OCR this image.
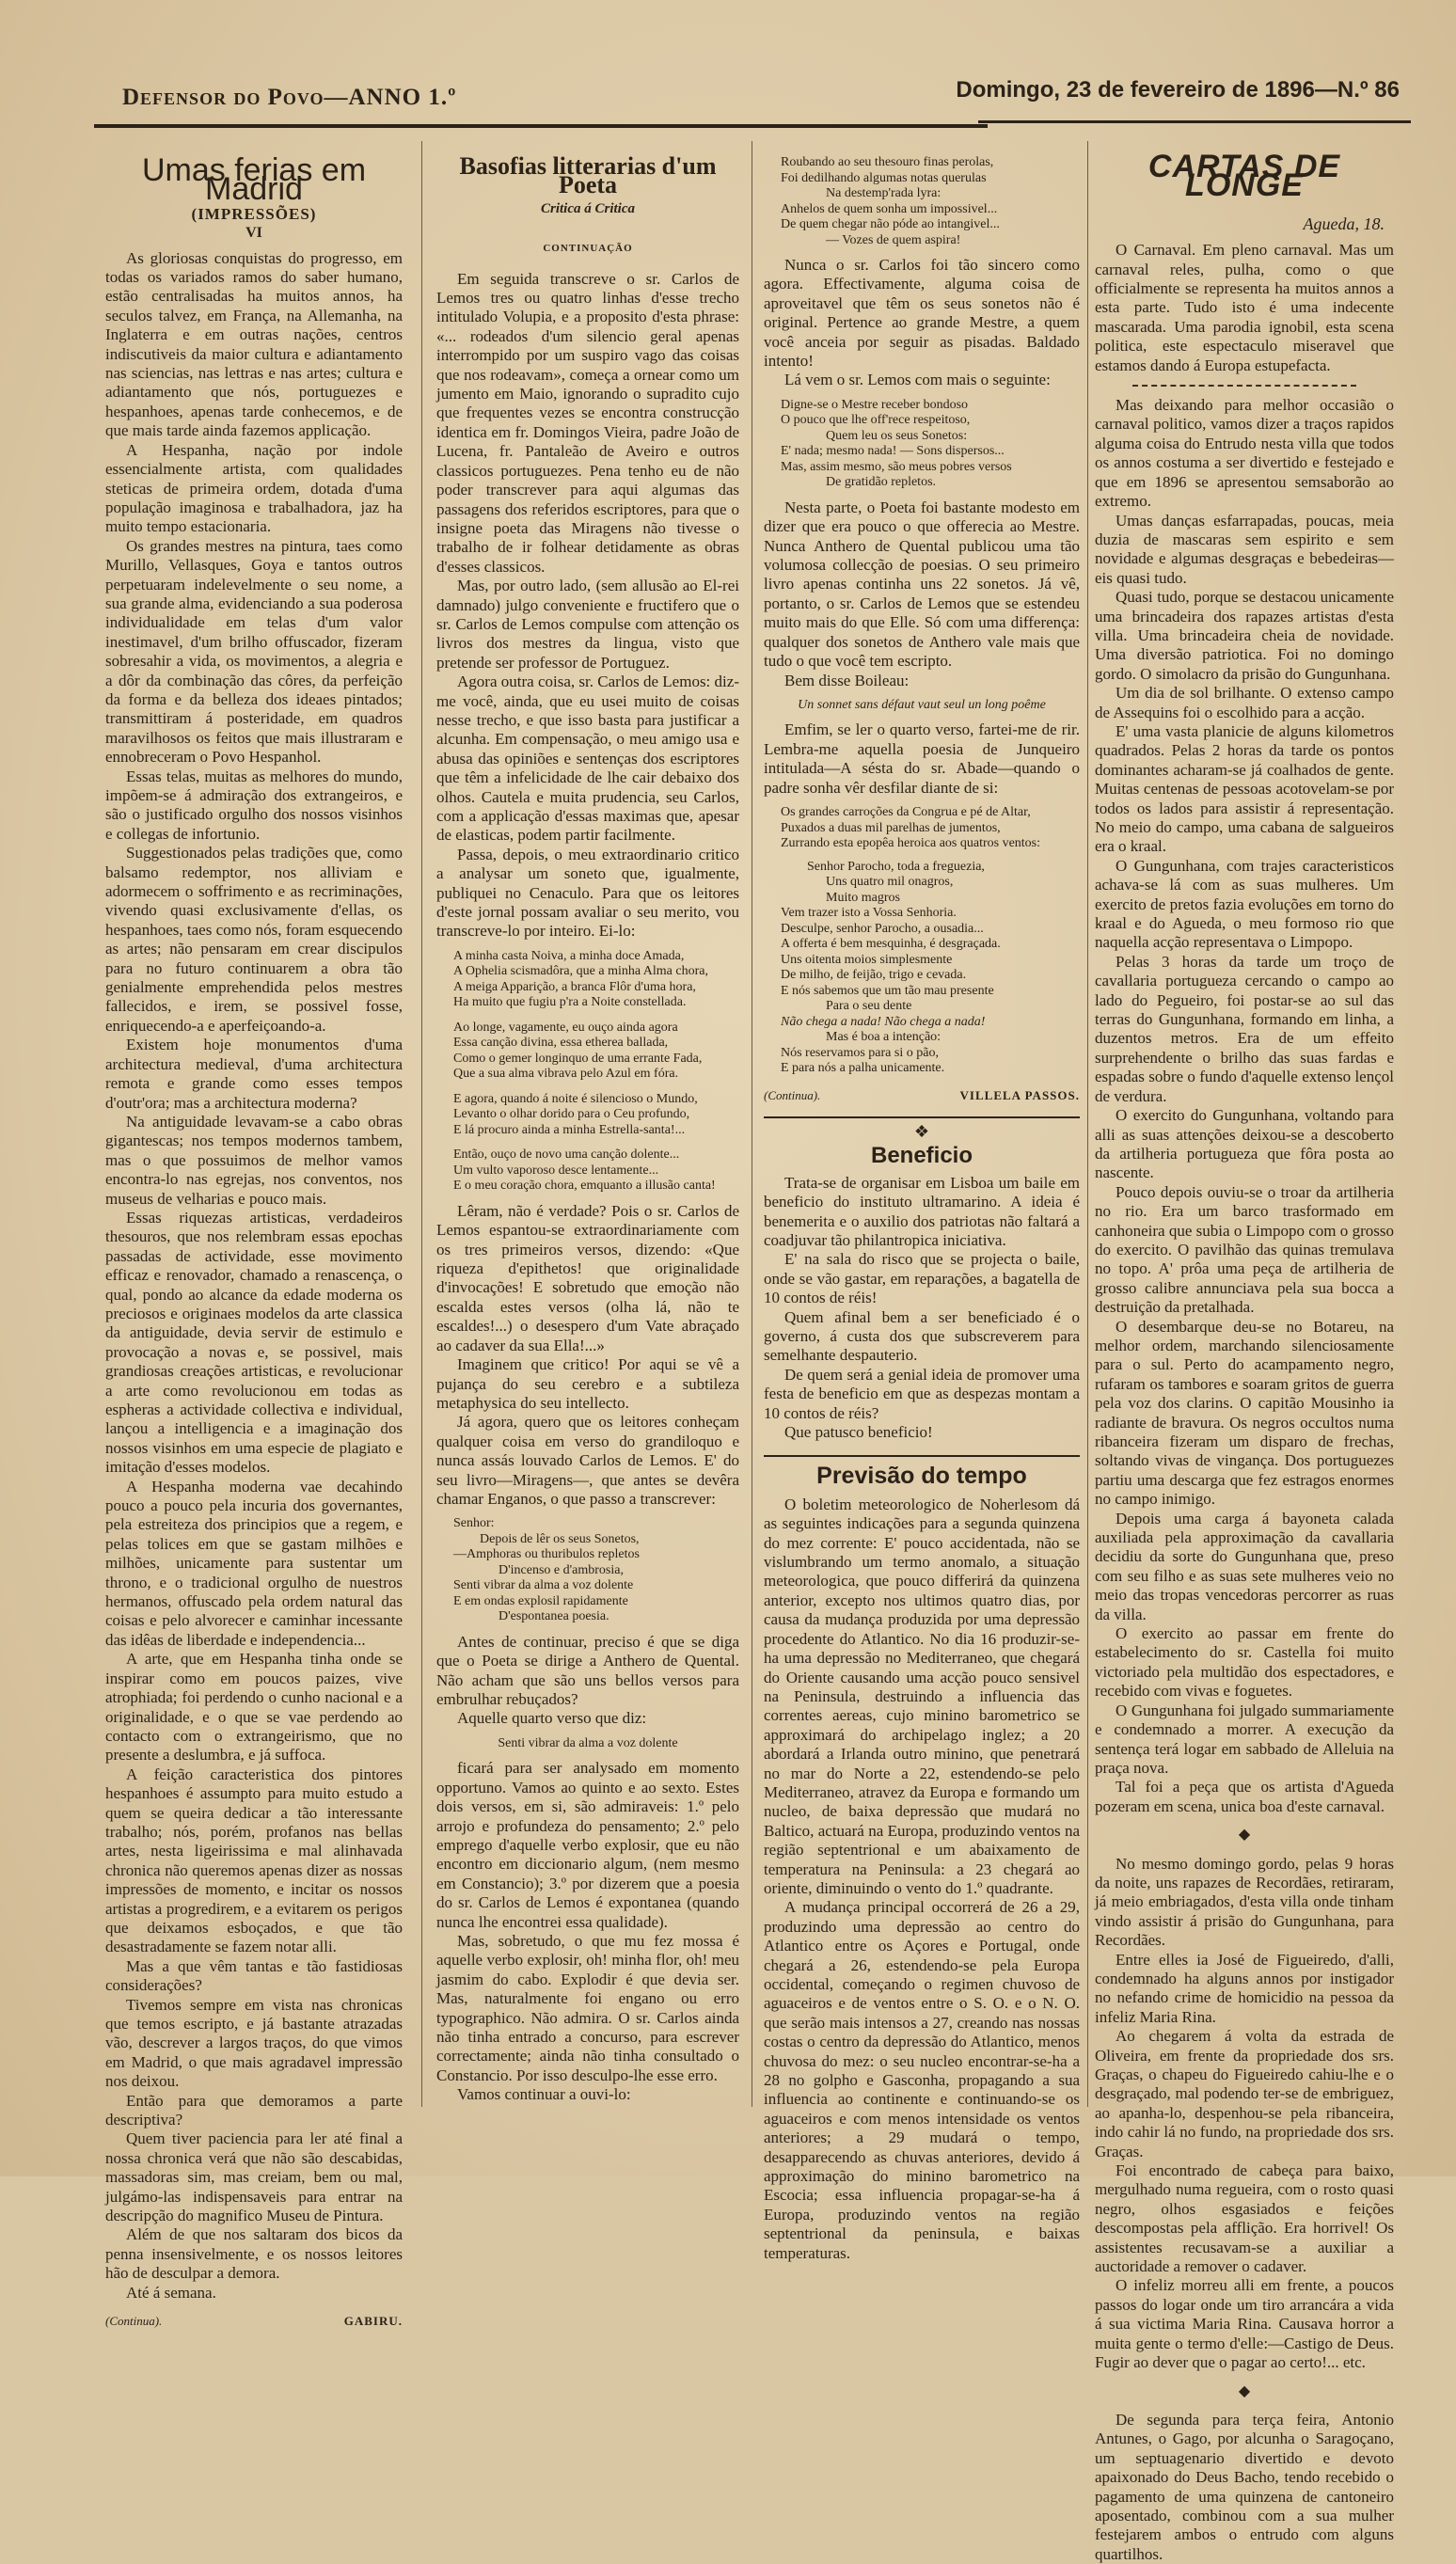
Defensor do Povo—ANNO 1.º	Domingo, 23 de fevereiro de 1896—N.º 86
Umas ferias em Madrid
(IMPRESSÕES)
VI

As gloriosas conquistas do progresso, em todas os variados ramos do saber humano, estão centralisadas ha muitos annos, ha seculos talvez, em França, na Allemanha, na Inglaterra e em outras nações, centros indiscutiveis da maior cultura e adiantamento nas sciencias, nas lettras e nas artes; cultura e adiantamento que nós, portuguezes e hespanhoes, apenas tarde conhecemos, e de que mais tarde ainda fazemos applicação.

A Hespanha, nação por indole essencialmente artista, com qualidades steticas de primeira ordem, dotada d'uma população imaginosa e trabalhadora, jaz ha muito tempo estacionaria.

Os grandes mestres na pintura, taes como Murillo, Vellasques, Goya e tantos outros perpetuaram indelevelmente o seu nome, a sua grande alma, evidenciando a sua poderosa individualidade em telas d'um valor inestimavel, d'um brilho offuscador, fizeram sobresahir a vida, os movimentos, a alegria e a dôr da combinação das côres, da perfeição da forma e da belleza dos ideaes pintados; transmittiram á posteridade, em quadros maravilhosos os feitos que mais illustraram e ennobreceram o Povo Hespanhol.

Essas telas, muitas as melhores do mundo, impõem-se á admiração dos extrangeiros, e são o justificado orgulho dos nossos visinhos e collegas de infortunio.

Suggestionados pelas tradições que, como balsamo redemptor, nos alliviam e adormecem o soffrimento e as recriminações, vivendo quasi exclusivamente d'ellas, os hespanhoes, taes como nós, foram esquecendo as artes; não pensaram em crear discipulos para no futuro continuarem a obra tão genialmente emprehendida pelos mestres fallecidos, e irem, se possivel fosse, enriquecendo-a e aperfeiçoando-a.

Existem hoje monumentos d'uma architectura medieval, d'uma architectura remota e grande como esses tempos d'outr'ora; mas a architectura moderna?

Na antiguidade levavam-se a cabo obras gigantescas; nos tempos modernos tambem, mas o que possuimos de melhor vamos encontra-lo nas egrejas, nos conventos, nos museus de velharias e pouco mais.

Essas riquezas artisticas, verdadeiros thesouros, que nos relembram essas epochas passadas de actividade, esse movimento efficaz e renovador, chamado a renascença, o qual, pondo ao alcance da edade moderna os preciosos e originaes modelos da arte classica da antiguidade, devia servir de estimulo e provocação a novas e, se possivel, mais grandiosas creações artisticas, e revolucionar a arte como revolucionou em todas as espheras a actividade collectiva e individual, lançou a intelligencia e a imaginação dos nossos visinhos em uma especie de plagiato e imitação d'esses modelos.

A Hespanha moderna vae decahindo pouco a pouco pela incuria dos governantes, pela estreiteza dos principios que a regem, e pelas tolices em que se gastam milhões e milhões, unicamente para sustentar um throno, e o tradicional orgulho de nuestros hermanos, offuscado pela ordem natural das coisas e pelo alvorecer e caminhar incessante das idêas de liberdade e independencia...

A arte, que em Hespanha tinha onde se inspirar como em poucos paizes, vive atrophiada; foi perdendo o cunho nacional e a originalidade, e o que se vae perdendo ao contacto com o extrangeirismo, que no presente a deslumbra, e já suffoca.

A feição caracteristica dos pintores hespanhoes é assumpto para muito estudo a quem se queira dedicar a tão interessante trabalho; nós, porém, profanos nas bellas artes, nesta ligeirissima e mal alinhavada chronica não queremos apenas dizer as nossas impressões de momento, e incitar os nossos artistas a progredirem, e a evitarem os perigos que deixamos esboçados, e que tão desastradamente se fazem notar alli.

Mas a que vêm tantas e tão fastidiosas considerações?

Tivemos sempre em vista nas chronicas que temos escripto, e já bastante atrazadas vão, descrever a largos traços, do que vimos em Madrid, o que mais agradavel impressão nos deixou.

Então para que demoramos a parte descriptiva?

Quem tiver paciencia para ler até final a nossa chronica verá que não são descabidas, massadoras sim, mas creiam, bem ou mal, julgámo-las indispensaveis para entrar na descripção do magnifico Museu de Pintura.

Além de que nos saltaram dos bicos da penna insensivelmente, e os nossos leitores hão de desculpar a demora.

Até á semana.

(Continua).	GABIRU.
Basofias litterarias d'um Poeta
Critica á Critica
CONTINUAÇÃO

Em seguida transcreve o sr. Carlos de Lemos tres ou quatro linhas d'esse trecho intitulado Volupia, e a proposito d'esta phrase: «... rodeados d'um silencio geral apenas interrompido por um suspiro vago das coisas que nos rodeavam», começa a ornear como um jumento em Maio, ignorando o supradito cujo que frequentes vezes se encontra construcção identica em fr. Domingos Vieira, padre João de Lucena, fr. Pantaleão de Aveiro e outros classicos portuguezes. Pena tenho eu de não poder transcrever para aqui algumas das passagens dos referidos escriptores, para que o insigne poeta das Miragens não tivesse o trabalho de ir folhear detidamente as obras d'esses classicos.

Mas, por outro lado, (sem allusão ao El-rei damnado) julgo conveniente e fructifero que o sr. Carlos de Lemos compulse com attenção os livros dos mestres da lingua, visto que pretende ser professor de Portuguez.

Agora outra coisa, sr. Carlos de Lemos: diz-me você, ainda, que eu usei muito de coisas nesse trecho, e que isso basta para justificar a alcunha. Em compensação, o meu amigo usa e abusa das opiniões e sentenças dos escriptores que têm a infelicidade de lhe cair debaixo dos olhos. Cautela e muita prudencia, seu Carlos, com a applicação d'essas maximas que, apesar de elasticas, podem partir facilmente.

Passa, depois, o meu extraordinario critico a analysar um soneto que, igualmente, publiquei no Cenaculo. Para que os leitores d'este jornal possam avaliar o seu merito, vou transcreve-lo por inteiro. Ei-lo:

A minha casta Noiva, a minha doce Amada,
A Ophelia scismadôra, que a minha Alma chora,
A meiga Apparição, a branca Flôr d'uma hora,
Ha muito que fugiu p'ra a Noite constellada.
Ao longe, vagamente, eu ouço ainda agora
Essa canção divina, essa etherea ballada,
Como o gemer longinquo de uma errante Fada,
Que a sua alma vibrava pelo Azul em fóra.
E agora, quando á noite é silencioso o Mundo,
Levanto o olhar dorido para o Ceu profundo,
E lá procuro ainda a minha Estrella-santa!...
Então, ouço de novo uma canção dolente...
Um vulto vaporoso desce lentamente...
E o meu coração chora, emquanto a illusão canta!

Lêram, não é verdade? Pois o sr. Carlos de Lemos espantou-se extraordinariamente com os tres primeiros versos, dizendo: «Que riqueza d'epithetos! que originalidade d'invocações! E sobretudo que emoção não escalda estes versos (olha lá, não te escaldes!...) o desespero d'um Vate abraçado ao cadaver da sua Ella!...»

Imaginem que critico! Por aqui se vê a pujança do seu cerebro e a subtileza metaphysica do seu intellecto.

Já agora, quero que os leitores conheçam qualquer coisa em verso do grandiloquo e nunca assás louvado Carlos de Lemos. E' do seu livro—Miragens—, que antes se devêra chamar Enganos, o que passo a transcrever:

Senhor:
Depois de lêr os seus Sonetos,
—Amphoras ou thuribulos repletos
D'incenso e d'ambrosia,
Senti vibrar da alma a voz dolente
E em ondas explosil rapidamente
D'espontanea poesia.

Antes de continuar, preciso é que se diga que o Poeta se dirige a Anthero de Quental. Não acham que são uns bellos versos para embrulhar rebuçados?

Aquelle quarto verso que diz:

Senti vibrar da alma a voz dolente

ficará para ser analysado em momento opportuno. Vamos ao quinto e ao sexto. Estes dois versos, em si, são admiraveis: 1.º pelo arrojo e profundeza do pensamento; 2.º pelo emprego d'aquelle verbo explosir, que eu não encontro em diccionario algum, (nem mesmo em Constancio); 3.º por dizerem que a poesia do sr. Carlos de Lemos é expontanea (quando nunca lhe encontrei essa qualidade).

Mas, sobretudo, o que mu fez mossa é aquelle verbo explosir, oh! minha flor, oh! meu jasmim do cabo. Explodir é que devia ser. Mas, naturalmente foi engano ou erro typographico. Não admira. O sr. Carlos ainda não tinha entrado a concurso, para escrever correctamente; ainda não tinha consultado o Constancio. Por isso desculpo-lhe esse erro.

Vamos continuar a ouvi-lo:

Roubando ao seu thesouro finas perolas,
Foi dedilhando algumas notas querulas
Na destemp'rada lyra:
Anhelos de quem sonha um impossivel...
De quem chegar não póde ao intangivel...
— Vozes de quem aspira!

Nunca o sr. Carlos foi tão sincero como agora. Effectivamente, alguma coisa de aproveitavel que têm os seus sonetos não é original. Pertence ao grande Mestre, a quem você anceia por seguir as pisadas. Baldado intento!

Lá vem o sr. Lemos com mais o seguinte:

Digne-se o Mestre receber bondoso
O pouco que lhe off'rece respeitoso,
Quem leu os seus Sonetos:
E' nada; mesmo nada! — Sons dispersos...
Mas, assim mesmo, são meus pobres versos
De gratidão repletos.

Nesta parte, o Poeta foi bastante modesto em dizer que era pouco o que offerecia ao Mestre. Nunca Anthero de Quental publicou uma tão volumosa collecção de poesias. O seu primeiro livro apenas continha uns 22 sonetos. Já vê, portanto, o sr. Carlos de Lemos que se estendeu muito mais do que Elle. Só com uma differença: qualquer dos sonetos de Anthero vale mais que tudo o que você tem escripto.

Bem disse Boileau:

Un sonnet sans défaut vaut seul un long poême

Emfim, se ler o quarto verso, fartei-me de rir. Lembra-me aquella poesia de Junqueiro intitulada—A sésta do sr. Abade—quando o padre sonha vêr desfilar diante de si:

Os grandes carroções da Congrua e pé de Altar,
Puxados a duas mil parelhas de jumentos,
Zurrando esta epopêa heroica aos quatros ventos:
Senhor Parocho, toda a freguezia,
Uns quatro mil onagros,
Muito magros
Vem trazer isto a Vossa Senhoria.
Desculpe, senhor Parocho, a ousadia...
A offerta é bem mesquinha, é desgraçada.
Uns oitenta moios simplesmente
De milho, de feijão, trigo e cevada.
E nós sabemos que um tão mau presente
Para o seu dente
Não chega a nada! Não chega a nada!
Mas é boa a intenção:
Nós reservamos para si o pão,
E para nós a palha unicamente.
(Continua).	VILLELA PASSOS.
❖
Beneficio

Trata-se de organisar em Lisboa um baile em beneficio do instituto ultramarino. A ideia é benemerita e o auxilio dos patriotas não faltará a coadjuvar tão philantropica iniciativa.

E' na sala do risco que se projecta o baile, onde se vão gastar, em reparações, a bagatella de 10 contos de réis!

Quem afinal bem a ser beneficiado é o governo, á custa dos que subscreverem para semelhante despauterio.

De quem será a genial ideia de promover uma festa de beneficio em que as despezas montam a 10 contos de réis?

Que patusco beneficio!

Previsão do tempo

O boletim meteorologico de Noherlesom dá as seguintes indicações para a segunda quinzena do mez corrente: E' pouco accidentada, não se vislumbrando um termo anomalo, a situação meteorologica, que pouco differirá da quinzena anterior, excepto nos ultimos quatro dias, por causa da mudança produzida por uma depressão procedente do Atlantico. No dia 16 produzir-se-ha uma depressão no Mediterraneo, que chegará do Oriente causando uma acção pouco sensivel na Peninsula, destruindo a influencia das correntes aereas, cujo minino barometrico se approximará do archipelago inglez; a 20 abordará a Irlanda outro minino, que penetrará no mar do Norte a 22, estendendo-se pelo Mediterraneo, atravez da Europa e formando um nucleo, de baixa depressão que mudará no Baltico, actuará na Europa, produzindo ventos na região septentrional e um abaixamento de temperatura na Peninsula: a 23 chegará ao oriente, diminuindo o vento do 1.º quadrante.

A mudança principal occorrerá de 26 a 29, produzindo uma depressão ao centro do Atlantico entre os Açores e Portugal, onde chegará a 26, estendendo-se pela Europa occidental, começando o regimen chuvoso de aguaceiros e de ventos entre o S. O. e o N. O. que serão mais intensos a 27, creando nas nossas costas o centro da depressão do Atlantico, menos chuvosa do mez: o seu nucleo encontrar-se-ha a 28 no golpho e Gasconha, propagando a sua influencia ao continente e continuando-se os aguaceiros e com menos intensidade os ventos anteriores; a 29 mudará o tempo, desapparecendo as chuvas anteriores, devido á approximação do minino barometrico na Escocia; essa influencia propagar-se-ha á Europa, produzindo ventos na região septentrional da peninsula, e baixas temperaturas.

CARTAS DE LONGE
Agueda, 18.

O Carnaval. Em pleno carnaval. Mas um carnaval reles, pulha, como o que officialmente se representa ha muitos annos a esta parte. Tudo isto é uma indecente mascarada. Uma parodia ignobil, esta scena politica, este espectaculo miseravel que estamos dando á Europa estupefacta.

Mas deixando para melhor occasião o carnaval politico, vamos dizer a traços rapidos alguma coisa do Entrudo nesta villa que todos os annos costuma a ser divertido e festejado e que em 1896 se apresentou semsaborão ao extremo.

Umas danças esfarrapadas, poucas, meia duzia de mascaras sem espirito e sem novidade e algumas desgraças e bebedeiras—eis quasi tudo.

Quasi tudo, porque se destacou unicamente uma brincadeira dos rapazes artistas d'esta villa. Uma brincadeira cheia de novidade. Uma diversão patriotica. Foi no domingo gordo. O simolacro da prisão do Gungunhana.

Um dia de sol brilhante. O extenso campo de Assequins foi o escolhido para a acção.

E' uma vasta planicie de alguns kilometros quadrados. Pelas 2 horas da tarde os pontos dominantes acharam-se já coalhados de gente. Muitas centenas de pessoas acotovelam-se por todos os lados para assistir á representação. No meio do campo, uma cabana de salgueiros era o kraal.

O Gungunhana, com trajes caracteristicos achava-se lá com as suas mulheres. Um exercito de pretos fazia evoluções em torno do kraal e do Agueda, o meu formoso rio que naquella acção representava o Limpopo.

Pelas 3 horas da tarde um troço de cavallaria portugueza cercando o campo ao lado do Pegueiro, foi postar-se ao sul das terras do Gungunhana, formando em linha, a duzentos metros. Era de um effeito surprehendente o brilho das suas fardas e espadas sobre o fundo d'aquelle extenso lençol de verdura.

O exercito do Gungunhana, voltando para alli as suas attenções deixou-se a descoberto da artilheria portugueza que fôra posta ao nascente.

Pouco depois ouviu-se o troar da artilheria no rio. Era um barco trasformado em canhoneira que subia o Limpopo com o grosso do exercito. O pavilhão das quinas tremulava no topo. A' prôa uma peça de artilheria de grosso calibre annunciava pela sua bocca a destruição da pretalhada.

O desembarque deu-se no Botareu, na melhor ordem, marchando silenciosamente para o sul. Perto do acampamento negro, rufaram os tambores e soaram gritos de guerra pela voz dos clarins. O capitão Mousinho ia radiante de bravura. Os negros occultos numa ribanceira fizeram um disparo de frechas, soltando vivas de vingança. Dos portuguezes partiu uma descarga que fez estragos enormes no campo inimigo.

Depois uma carga á bayoneta calada auxiliada pela approximação da cavallaria decidiu da sorte do Gungunhana que, preso com seu filho e as suas sete mulheres veio no meio das tropas vencedoras percorrer as ruas da villa.

O exercito ao passar em frente do estabelecimento do sr. Castella foi muito victoriado pela multidão dos espectadores, e recebido com vivas e foguetes.

O Gungunhana foi julgado summariamente e condemnado a morrer. A execução da sentença terá logar em sabbado de Alleluia na praça nova.

Tal foi a peça que os artista d'Agueda pozeram em scena, unica boa d'este carnaval.

◆

No mesmo domingo gordo, pelas 9 horas da noite, uns rapazes de Recordães, retiraram, já meio embriagados, d'esta villa onde tinham vindo assistir á prisão do Gungunhana, para Recordães.

Entre elles ia José de Figueiredo, d'alli, condemnado ha alguns annos por instigador no nefando crime de homicidio na pessoa da infeliz Maria Rina.

Ao chegarem á volta da estrada de Oliveira, em frente da propriedade dos srs. Graças, o chapeu do Figueiredo cahiu-lhe e o desgraçado, mal podendo ter-se de embriguez, ao apanha-lo, despenhou-se pela ribanceira, indo cahir lá no fundo, na propriedade dos srs. Graças.

Foi encontrado de cabeça para baixo, mergulhado numa regueira, com o rosto quasi negro, olhos esgasiados e feições descompostas pela afflição. Era horrivel! Os assistentes recusavam-se a auxiliar a auctoridade a remover o cadaver.

O infeliz morreu alli em frente, a poucos passos do logar onde um tiro arrancára a vida á sua victima Maria Rina. Causava horror a muita gente o termo d'elle:—Castigo de Deus. Fugir ao dever que o pagar ao certo!... etc.

◆

De segunda para terça feira, Antonio Antunes, o Gago, por alcunha o Saragoçano, um septuagenario divertido e devoto apaixonado do Deus Bacho, tendo recebido o pagamento de uma quinzena de cantoneiro aposentado, combinou com a sua mulher festejarem ambos o entrudo com alguns quartilhos.
